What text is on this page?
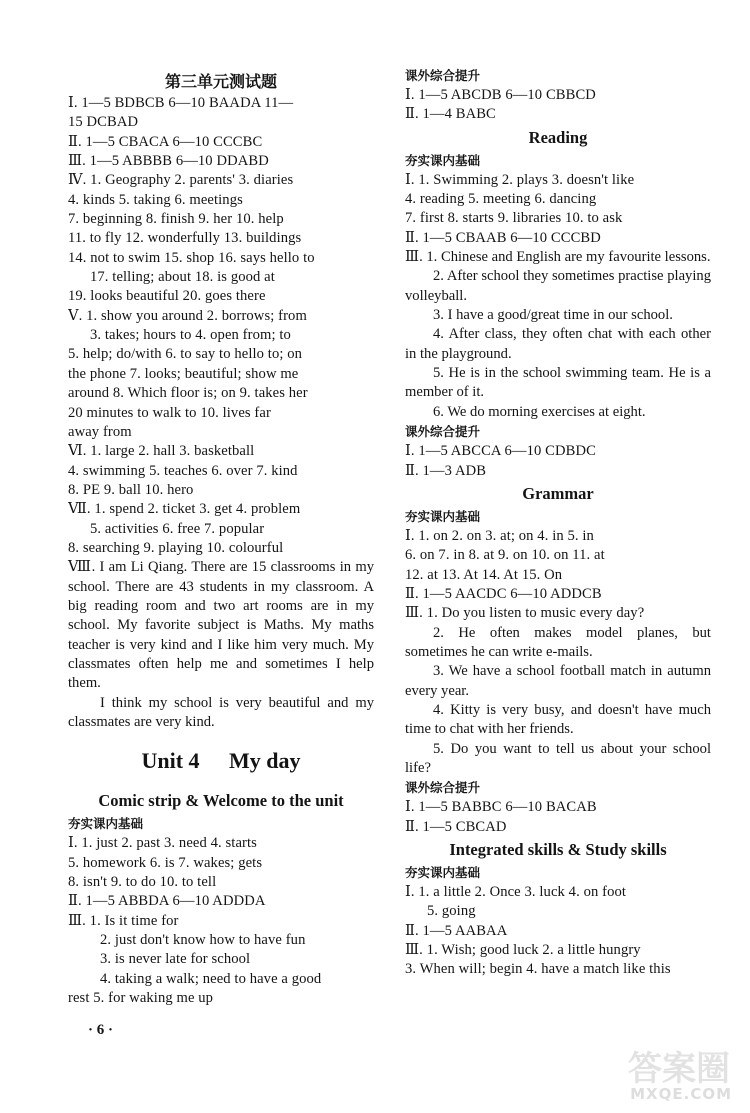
第三单元测试题
Ⅰ. 1—5 BDBCB 6—10 BAADA 11—
15 DCBAD
Ⅱ. 1—5 CBACA 6—10 CCCBC
Ⅲ. 1—5 ABBBB 6—10 DDABD
Ⅳ. 1. Geography 2. parents' 3. diaries
4. kinds 5. taking 6. meetings
7. beginning 8. finish 9. her 10. help
11. to fly 12. wonderfully 13. buildings
14. not to swim 15. shop 16. says hello to
17. telling; about 18. is good at
19. looks beautiful 20. goes there
Ⅴ. 1. show you around 2. borrows; from
3. takes; hours to 4. open from; to
5. help; do/with 6. to say to hello to; on
the phone 7. looks; beautiful; show me
around 8. Which floor is; on 9. takes her
20 minutes to walk to 10. lives far
away from
Ⅵ. 1. large 2. hall 3. basketball
4. swimming 5. teaches 6. over 7. kind
8. PE 9. ball 10. hero
Ⅶ. 1. spend 2. ticket 3. get 4. problem
5. activities 6. free 7. popular
8. searching 9. playing 10. colourful
Ⅷ. I am Li Qiang. There are 15 classrooms in my school. There are 43 students in my classroom. A big reading room and two art rooms are in my school. My favorite subject is Maths. My maths teacher is very kind and I like him very much. My classmates often help me and sometimes I help them.
I think my school is very beautiful and my classmates are very kind.
Unit 4 My day
Comic strip & Welcome to the unit
夯实课内基础
Ⅰ. 1. just 2. past 3. need 4. starts
5. homework 6. is 7. wakes; gets
8. isn't 9. to do 10. to tell
Ⅱ. 1—5 ABBDA 6—10 ADDDA
Ⅲ. 1. Is it time for
2. just don't know how to have fun
3. is never late for school
4. taking a walk; need to have a good
rest 5. for waking me up
课外综合提升
Ⅰ. 1—5 ABCDB 6—10 CBBCD
Ⅱ. 1—4 BABC
Reading
夯实课内基础
Ⅰ. 1. Swimming 2. plays 3. doesn't like
4. reading 5. meeting 6. dancing
7. first 8. starts 9. libraries 10. to ask
Ⅱ. 1—5 CBAAB 6—10 CCCBD
Ⅲ. 1. Chinese and English are my favourite lessons.
2. After school they sometimes practise playing volleyball.
3. I have a good/great time in our school.
4. After class, they often chat with each other in the playground.
5. He is in the school swimming team. He is a member of it.
6. We do morning exercises at eight.
课外综合提升
Ⅰ. 1—5 ABCCA 6—10 CDBDC
Ⅱ. 1—3 ADB
Grammar
夯实课内基础
Ⅰ. 1. on 2. on 3. at; on 4. in 5. in
6. on 7. in 8. at 9. on 10. on 11. at
12. at 13. At 14. At 15. On
Ⅱ. 1—5 AACDC 6—10 ADDCB
Ⅲ. 1. Do you listen to music every day?
2. He often makes model planes, but sometimes he can write e-mails.
3. We have a school football match in autumn every year.
4. Kitty is very busy, and doesn't have much time to chat with her friends.
5. Do you want to tell us about your school life?
课外综合提升
Ⅰ. 1—5 BABBC 6—10 BACAB
Ⅱ. 1—5 CBCAD
Integrated skills & Study skills
夯实课内基础
Ⅰ. 1. a little 2. Once 3. luck 4. on foot
5. going
Ⅱ. 1—5 AABAA
Ⅲ. 1. Wish; good luck 2. a little hungry
3. When will; begin 4. have a match like this
· 6 ·
答案圈
MXQE.COM
